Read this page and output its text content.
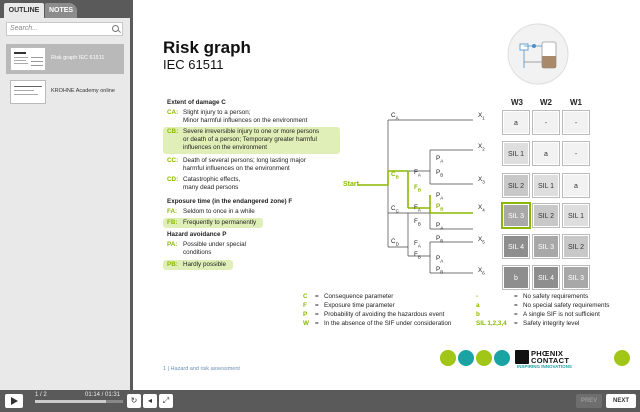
OUTLINE	NOTES
Search...
Risk graph IEC 61511
KROHNE Academy online
Risk graph
IEC 61511
Extent of damage C
CA: Slight injury to a person;
Minor harmful influences on the environment
CB: Severe irreversible injury to one or more persons
or death of a person; Temporary greater harmful
influences on the environment
CC: Death of several persons; long lasting major
harmful influences on the environment
CD: Catastrophic effects,
many dead persons
Exposure time (in the endangered zone) F
FA: Seldom to once in a while
FB: Frequently to permanently
Hazard avoidance P
PA: Possible under special
conditions
PB: Hardly possible
Start
$C_A$
$C_B$
$C_C$
$C_D$
$F_A$
$F_B$
$F_A$
$F_B$
$F_A$
$F_B$
$P_A$
$P_B$
$P_A$
$P_B$
$P_A$
$P_B$
$P_A$
$P_B$
$X_1$
$X_2$
$X_3$
$X_4$
$X_5$
$X_6$
W3 W2 W1
a	-	-
SIL 1	a	-
SIL 2	SIL 1	a
SIL 3	SIL 2	SIL 1
SIL 4	SIL 3	SIL 2
b	SIL 4	SIL 3
C = Consequence parameter
F = Exposure time parameter
P = Probability of avoiding the hazardous event
W = In the absence of the SIF under consideration
-	= No safety requirements
a	= No special safety requirements
b	= A single SIF is not sufficient
SIL 1,2,3,4 = Safety integrity level
1 | Hazard and risk assessment
PHŒNIX
CONTACT
INSPIRING INNOVATIONS
1 / 2	01:14 / 01:31
↻	◂	⤢	PREV	NEXT
